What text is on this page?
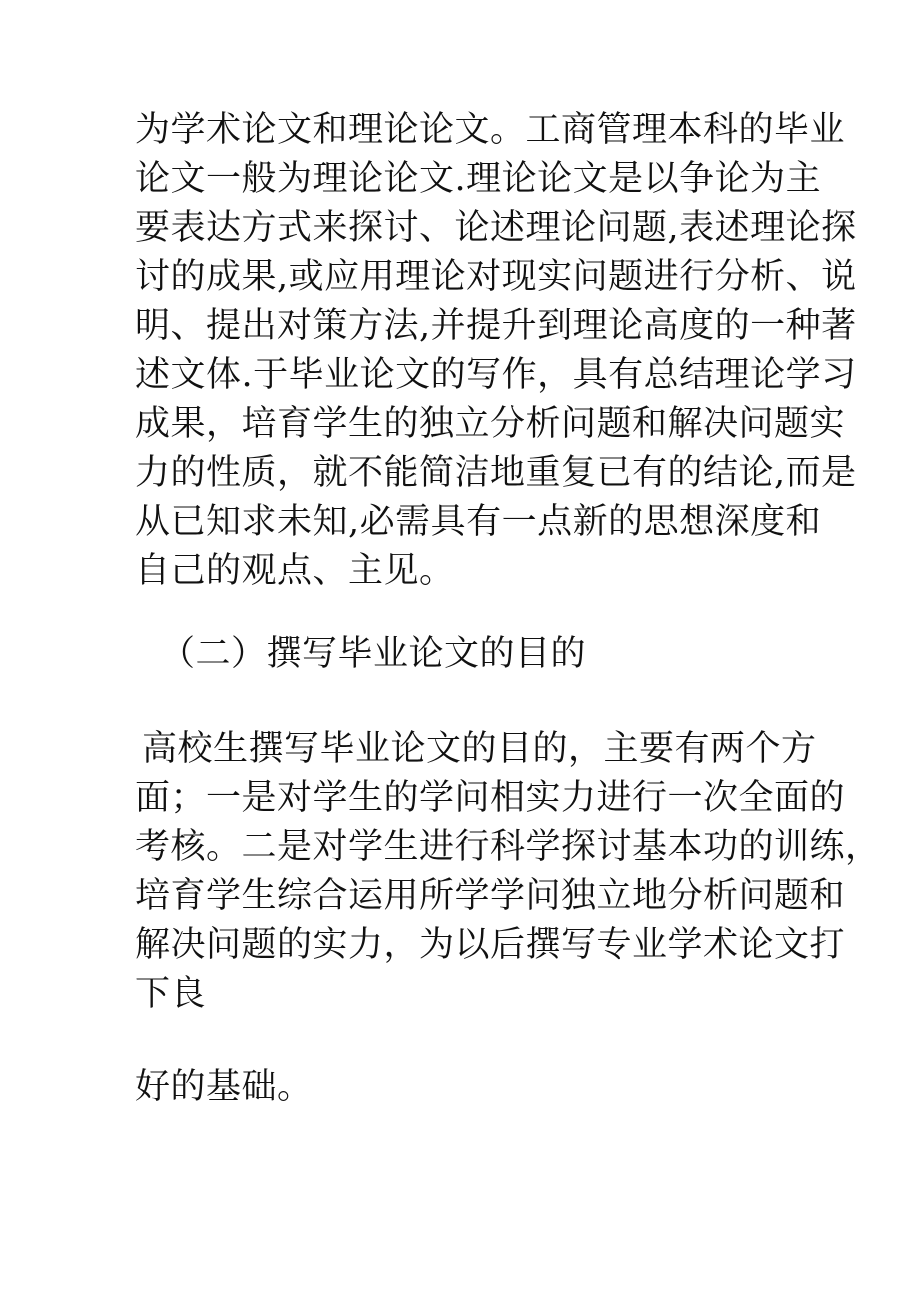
为学术论文和理论论文。工商管理本科的毕业
论文一般为理论论文.理论论文是以争论为主
要表达方式来探讨、论述理论问题,表述理论探
讨的成果,或应用理论对现实问题进行分析、说
明、提出对策方法,并提升到理论高度的一种著
述文体.于毕业论文的写作，具有总结理论学习
成果，培育学生的独立分析问题和解决问题实
力的性质，就不能简洁地重复已有的结论,而是
从已知求未知,必需具有一点新的思想深度和
自己的观点、主见。
（二）撰写毕业论文的目的
高校生撰写毕业论文的目的，主要有两个方
面；一是对学生的学问相实力进行一次全面的
考核。二是对学生进行科学探讨基本功的训练，
培育学生综合运用所学学问独立地分析问题和
解决问题的实力，为以后撰写专业学术论文打
下良
好的基础。
